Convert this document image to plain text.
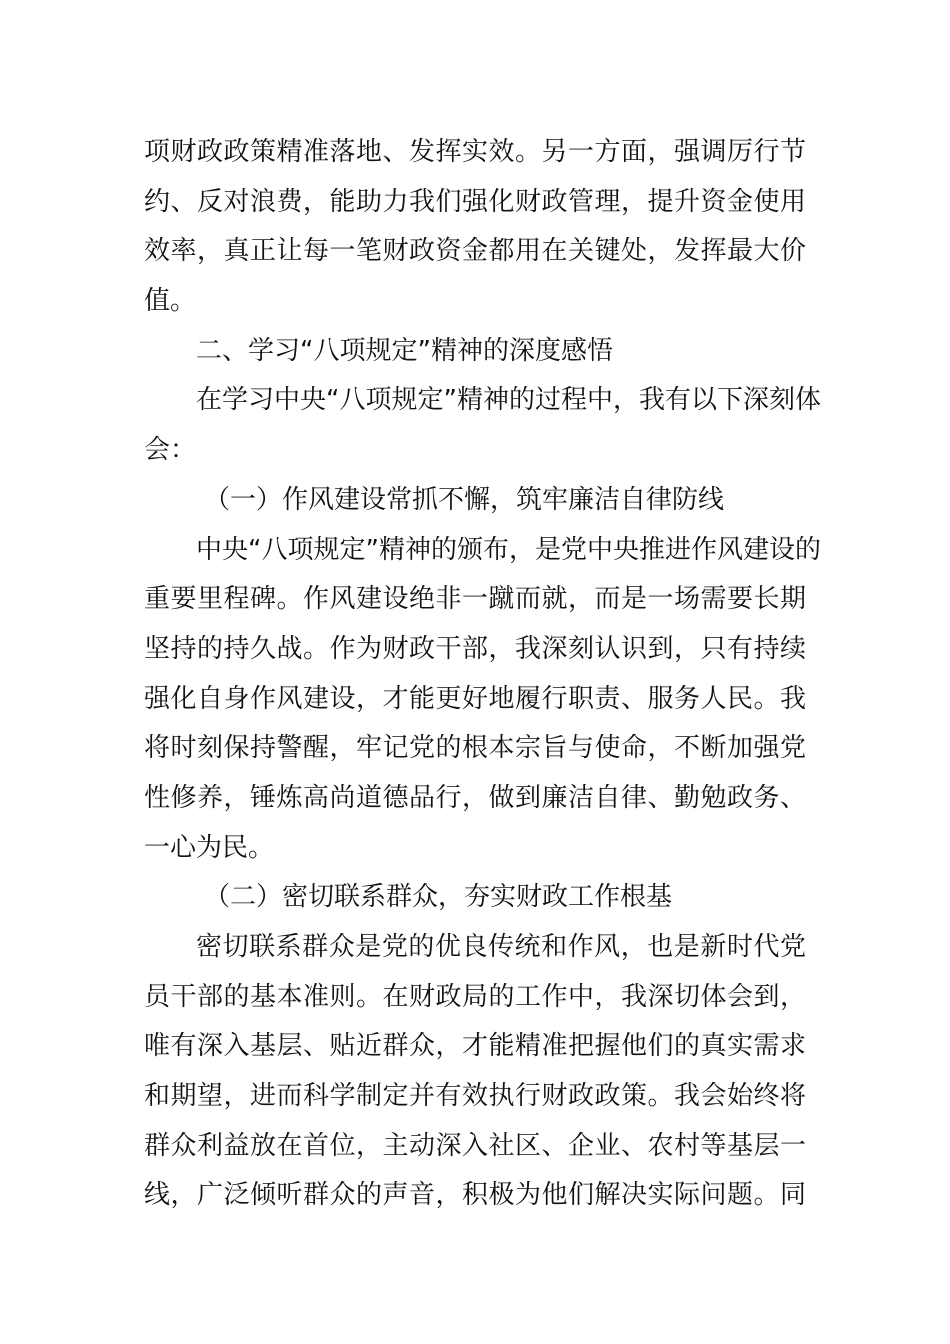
项财政政策精准落地、发挥实效。另一方面，强调厉行节
约、反对浪费，能助力我们强化财政管理，提升资金使用
效率，真正让每一笔财政资金都用在关键处，发挥最大价
值。
二、学习“八项规定”精神的深度感悟
在学习中央“八项规定”精神的过程中，我有以下深刻体
会：
（一）作风建设常抓不懈，筑牢廉洁自律防线
中央“八项规定”精神的颁布，是党中央推进作风建设的
重要里程碑。作风建设绝非一蹴而就，而是一场需要长期
坚持的持久战。作为财政干部，我深刻认识到，只有持续
强化自身作风建设，才能更好地履行职责、服务人民。我
将时刻保持警醒，牢记党的根本宗旨与使命，不断加强党
性修养，锤炼高尚道德品行，做到廉洁自律、勤勉政务、
一心为民。
（二）密切联系群众，夯实财政工作根基
密切联系群众是党的优良传统和作风，也是新时代党
员干部的基本准则。在财政局的工作中，我深切体会到，
唯有深入基层、贴近群众，才能精准把握他们的真实需求
和期望，进而科学制定并有效执行财政政策。我会始终将
群众利益放在首位，主动深入社区、企业、农村等基层一
线，广泛倾听群众的声音，积极为他们解决实际问题。同
